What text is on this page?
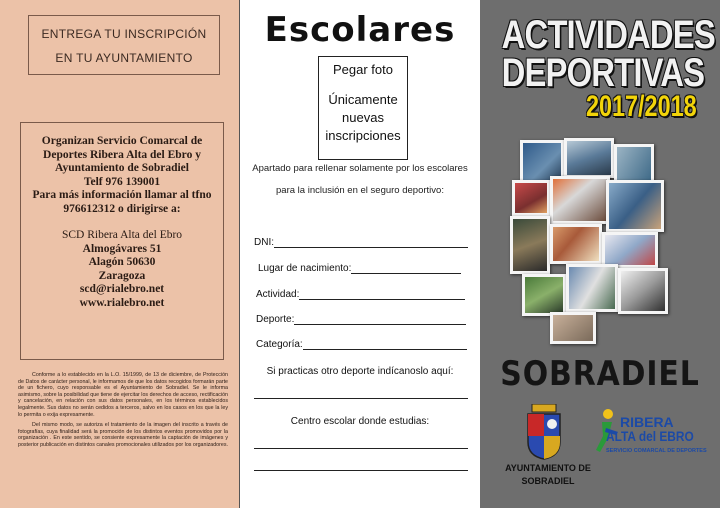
ENTREGA TU INSCRIPCIÓN
EN TU AYUNTAMIENTO
Organizan Servicio Comarcal de
Deportes Ribera Alta del Ebro y
Ayuntamiento de Sobradiel
Telf 976 139001
Para más información llamar al tfno
976612312 o dirigirse a:
SCD Ribera Alta del Ebro
Almogávares 51
Alagón 50630
Zaragoza
scd@rialebro.net
www.rialebro.net

Conforme a lo establecido en la L.O. 15/1999, de 13 de diciembre, de Protección de Datos de carácter personal, le informamos de que los datos recogidos formarán parte de un fichero, cuyo responsable es el Ayuntamiento de Sobradiel. Se le informa asimismo, sobre la posibilidad que tiene de ejercitar los derechos de acceso, rectificación y cancelación, en relación con sus datos personales, en los términos establecidos legalmente. Sus datos no serán cedidos a terceros, salvo en los casos en los que la ley lo permita o exija expresamente.

Del mismo modo, se autoriza el tratamiento de la imagen del inscrito a través de fotografías, cuya finalidad será la promoción de los distintos eventos promovidos por la organización . En este sentido, se consiente expresamente la captación de imágenes y posterior publicación en distintos canales promocionales utilizados por los organizadores.

Escolares
Pegar foto
Únicamente
nuevas
inscripciones
Apartado para rellenar solamente por los escolares
para la inclusión en el seguro deportivo:
DNI:
Lugar de nacimiento:
Actividad:
Deporte:
Categoría:
Si practicas otro deporte indícanoslo aquí:
Centro escolar donde estudias:
ACTIVIDADES
DEPORTIVAS
2017/2018
SOBRADIEL
AYUNTAMIENTO DE
SOBRADIEL
RIBERA
ALTA del EBRO
SERVICIO COMARCAL DE DEPORTES
